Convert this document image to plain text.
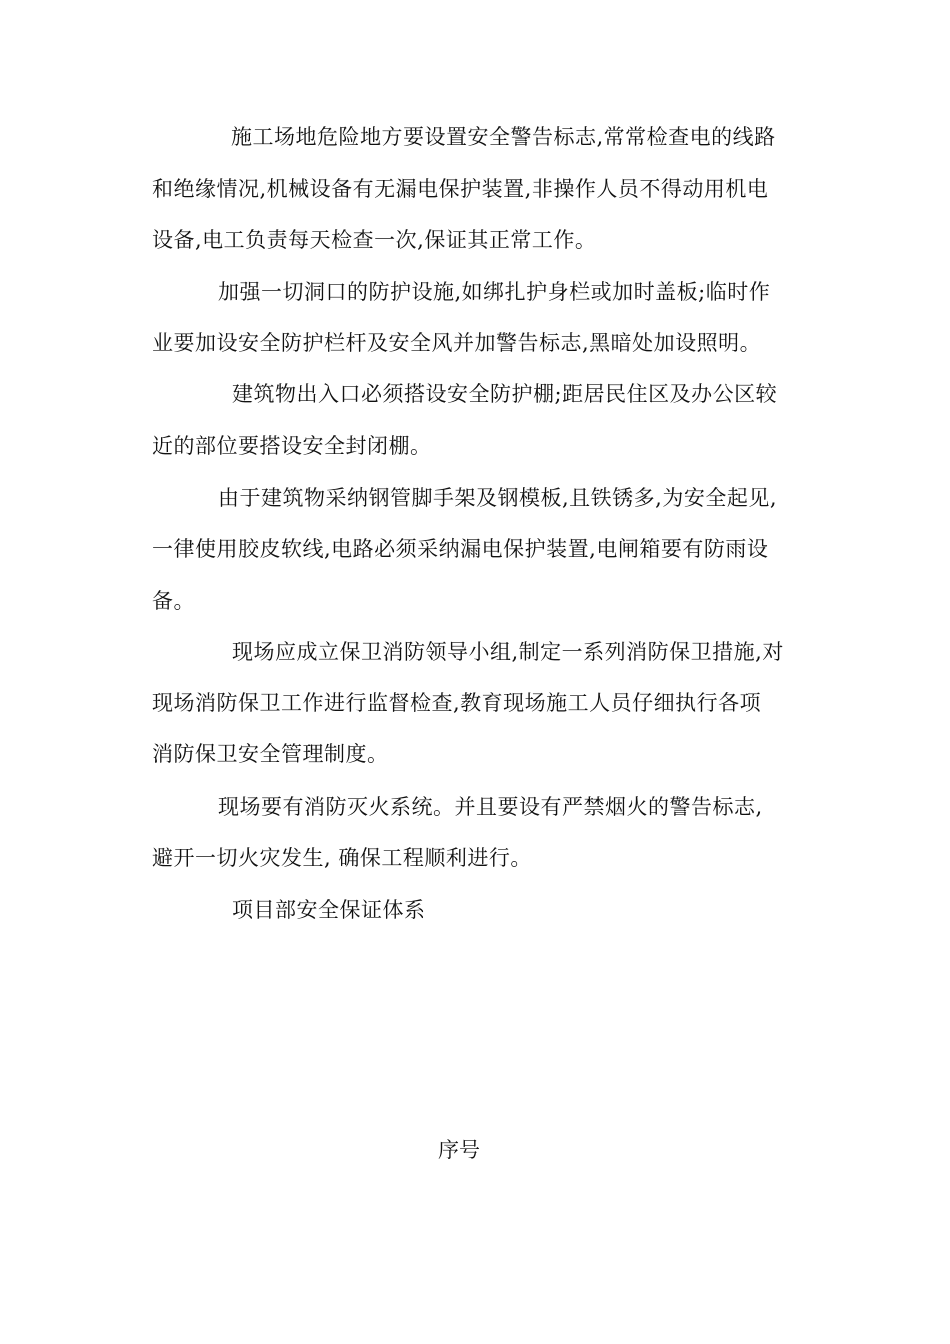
施工场地危险地方要设置安全警告标志,常常检查电的线路
和绝缘情况,机械设备有无漏电保护装置,非操作人员不得动用机电
设备,电工负责每天检查一次,保证其正常工作。
加强一切洞口的防护设施,如绑扎护身栏或加时盖板;临时作
业要加设安全防护栏杆及安全风并加警告标志,黑暗处加设照明。
建筑物出入口必须搭设安全防护棚;距居民住区及办公区较
近的部位要搭设安全封闭棚。
由于建筑物采纳钢管脚手架及钢模板,且铁锈多,为安全起见,
一律使用胶皮软线,电路必须采纳漏电保护装置,电闸箱要有防雨设
备。
现场应成立保卫消防领导小组,制定一系列消防保卫措施,对
现场消防保卫工作进行监督检查,教育现场施工人员仔细执行各项
消防保卫安全管理制度。
现场要有消防灭火系统。并且要设有严禁烟火的警告标志,
避开一切火灾发生, 确保工程顺利进行。
项目部安全保证体系
序号
